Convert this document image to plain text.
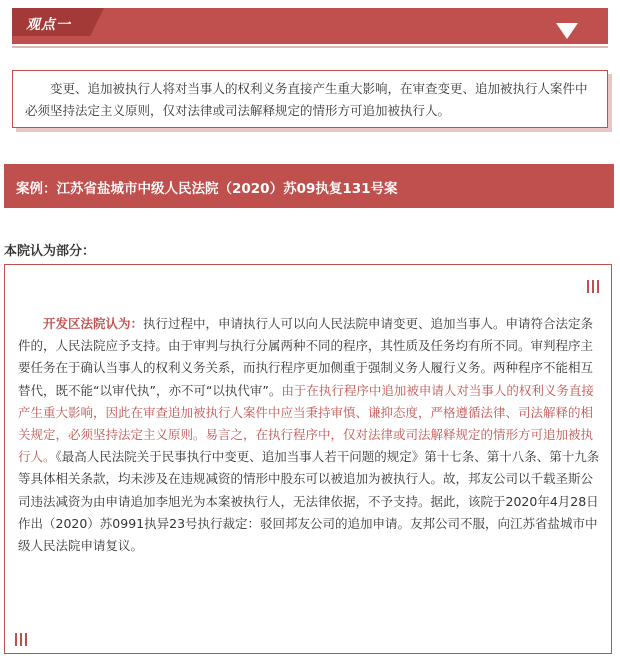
观点一

变更、追加被执行人将对当事人的权利义务直接产生重大影响，在审查变更、追加被执行人案件中必须坚持法定主义原则，仅对法律或司法解释规定的情形方可追加被执行人。

案例：江苏省盐城市中级人民法院（2020）苏09执复131号案
本院认为部分：

开发区法院认为：执行过程中，申请执行人可以向人民法院申请变更、追加当事人。申请符合法定条件的，人民法院应予支持。由于审判与执行分属两种不同的程序，其性质及任务均有所不同。审判程序主要任务在于确认当事人的权利义务关系，而执行程序更加侧重于强制义务人履行义务。两种程序不能相互替代，既不能“以审代执”，亦不可“以执代审”。由于在执行程序中追加被申请人对当事人的权利义务直接产生重大影响，因此在审查追加被执行人案件中应当秉持审慎、谦抑态度，严格遵循法律、司法解释的相关规定，必须坚持法定主义原则。易言之，在执行程序中，仅对法律或司法解释规定的情形方可追加被执行人。《最高人民法院关于民事执行中变更、追加当事人若干问题的规定》第十七条、第十八条、第十九条等具体相关条款，均未涉及在违规减资的情形中股东可以被追加为被执行人。故，邦友公司以千载圣斯公司违法减资为由申请追加李旭光为本案被执行人，无法律依据，不予支持。据此，该院于2020年4月28日作出（2020）苏0991执异23号执行裁定：驳回邦友公司的追加申请。友邦公司不服，向江苏省盐城市中级人民法院申请复议。
